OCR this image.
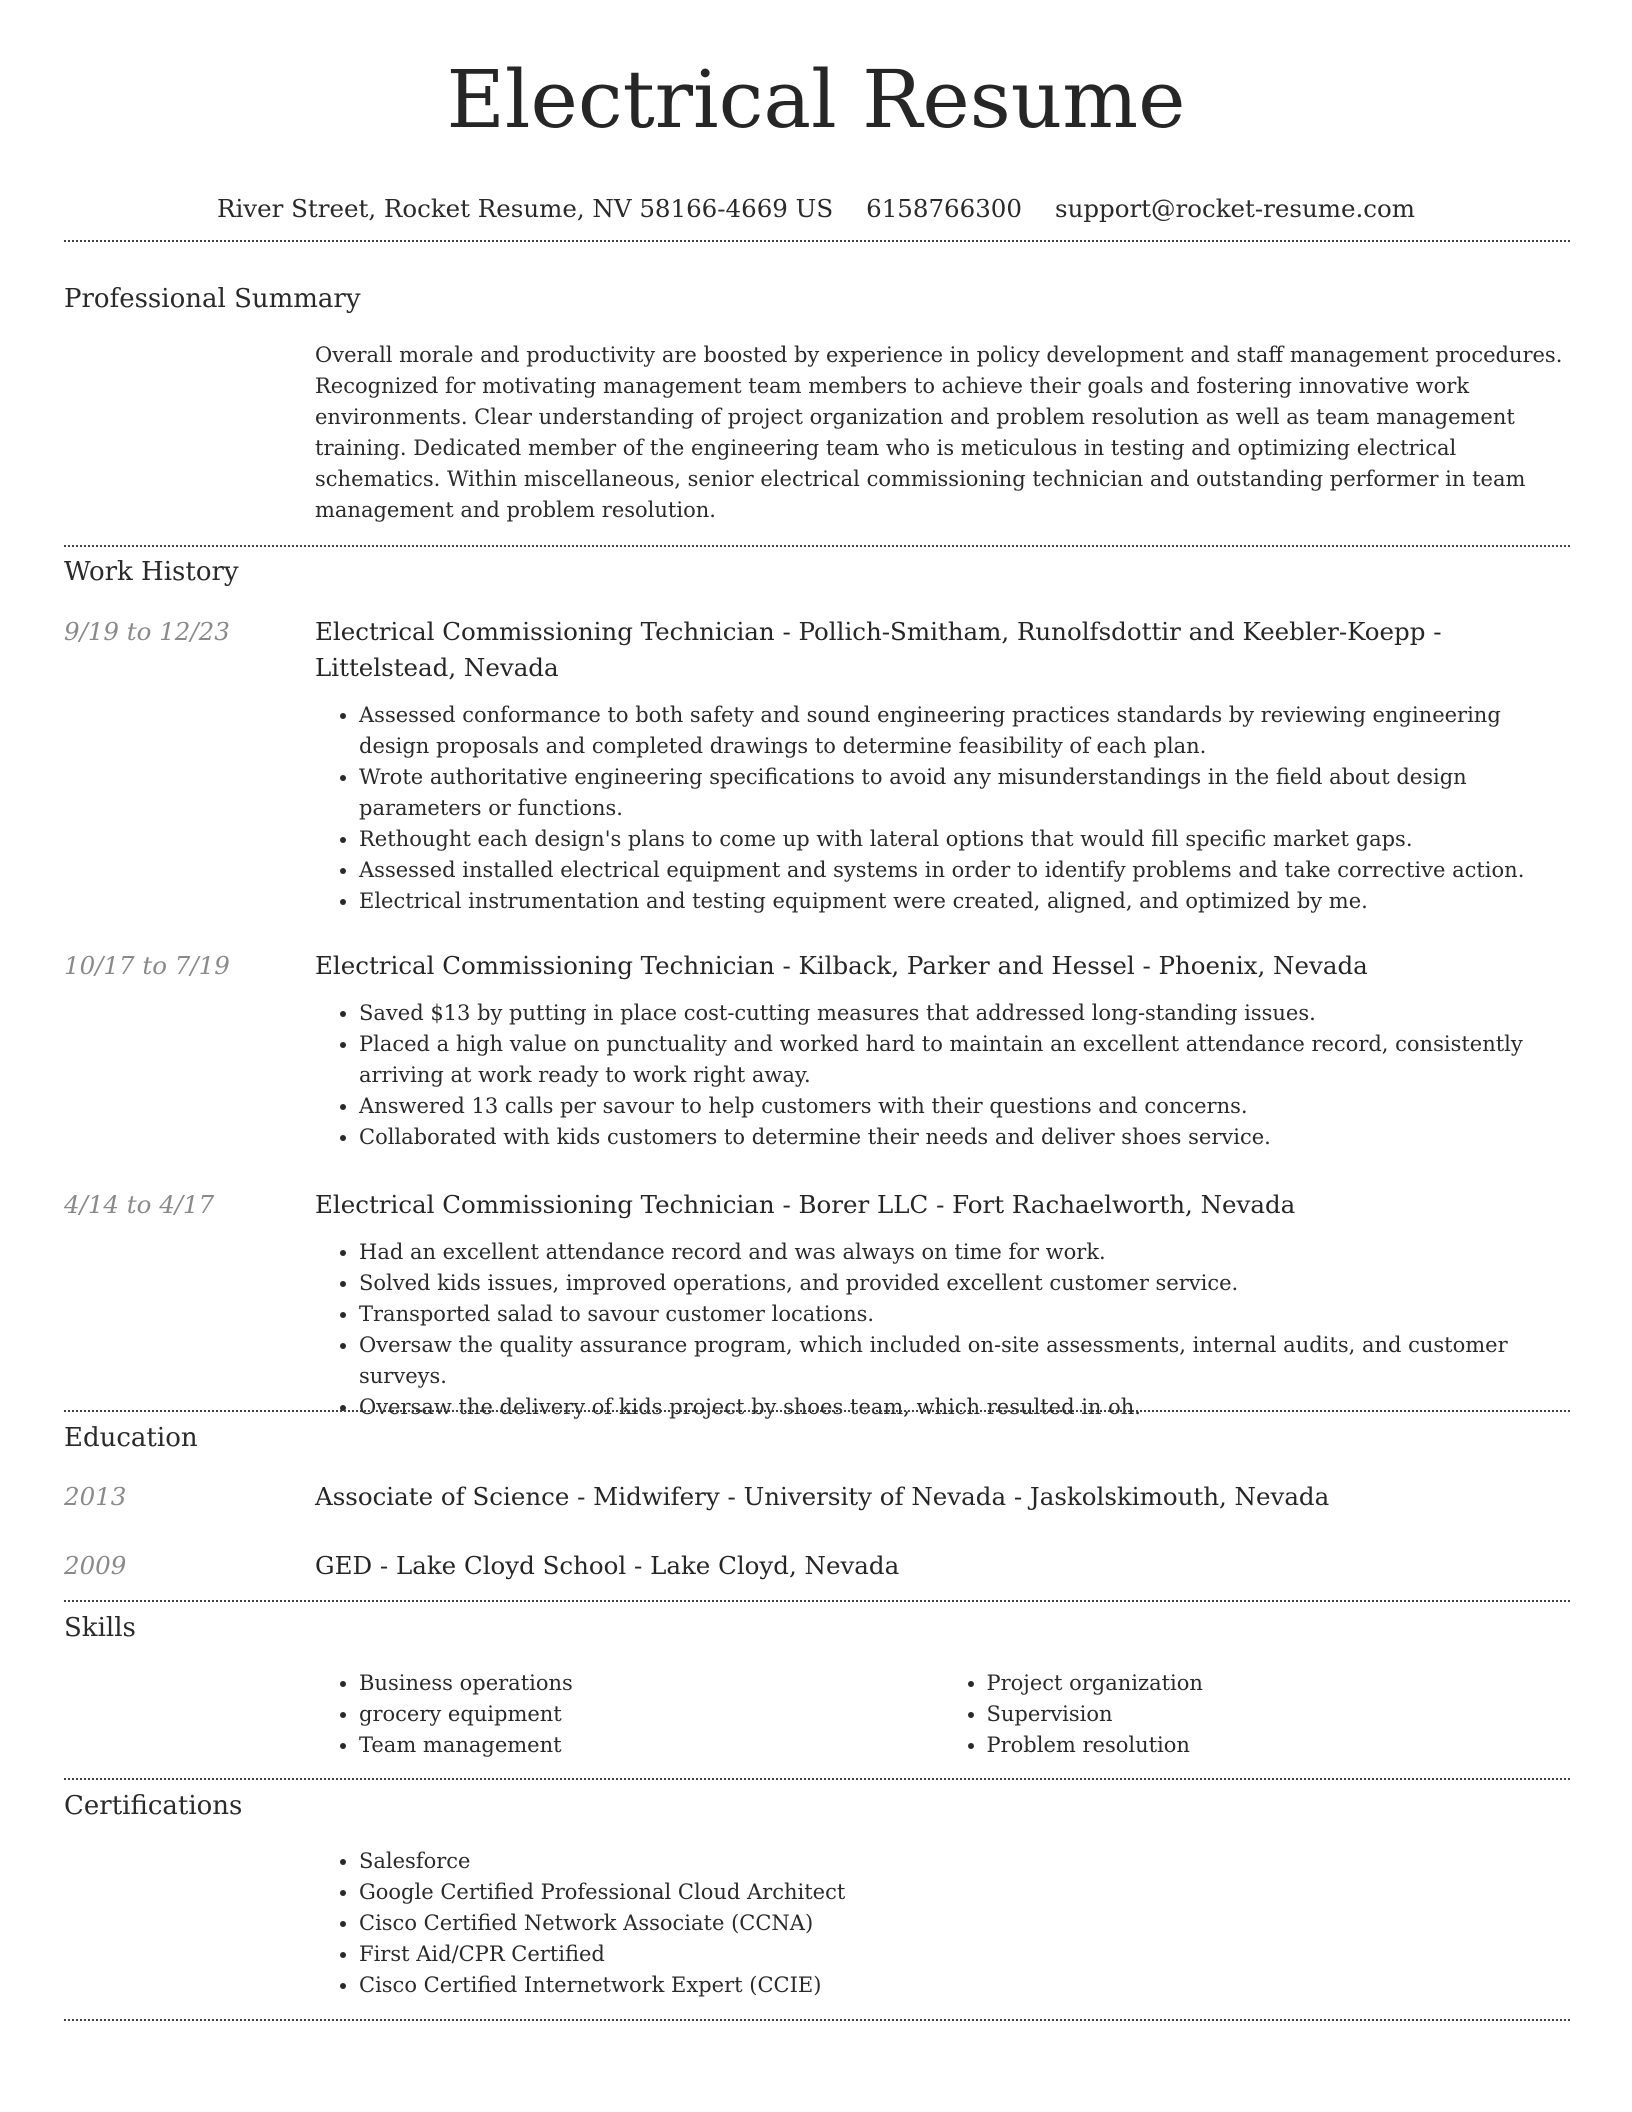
Electrical Resume
River Street, Rocket Resume, NV 58166-4669 US 6158766300 support@rocket-resume.com
Professional Summary
Overall morale and productivity are boosted by experience in policy development and staff management procedures. Recognized for motivating management team members to achieve their goals and fostering innovative work environments. Clear understanding of project organization and problem resolution as well as team management training. Dedicated member of the engineering team who is meticulous in testing and optimizing electrical schematics. Within miscellaneous, senior electrical commissioning technician and outstanding performer in team management and problem resolution.
Work History
9/19 to 12/23	Electrical Commissioning Technician - Pollich-Smitham, Runolfsdottir and Keebler-Koepp - Littelstead, Nevada
• Assessed conformance to both safety and sound engineering practices standards by reviewing engineering design proposals and completed drawings to determine feasibility of each plan.
• Wrote authoritative engineering specifications to avoid any misunderstandings in the field about design parameters or functions.
• Rethought each design's plans to come up with lateral options that would fill specific market gaps.
• Assessed installed electrical equipment and systems in order to identify problems and take corrective action.
• Electrical instrumentation and testing equipment were created, aligned, and optimized by me.
10/17 to 7/19	Electrical Commissioning Technician - Kilback, Parker and Hessel - Phoenix, Nevada
• Saved $13 by putting in place cost-cutting measures that addressed long-standing issues.
• Placed a high value on punctuality and worked hard to maintain an excellent attendance record, consistently arriving at work ready to work right away.
• Answered 13 calls per savour to help customers with their questions and concerns.
• Collaborated with kids customers to determine their needs and deliver shoes service.
4/14 to 4/17	Electrical Commissioning Technician - Borer LLC - Fort Rachaelworth, Nevada
• Had an excellent attendance record and was always on time for work.
• Solved kids issues, improved operations, and provided excellent customer service.
• Transported salad to savour customer locations.
• Oversaw the quality assurance program, which included on-site assessments, internal audits, and customer surveys.
• Oversaw the delivery of kids project by shoes team, which resulted in oh.
Education
2013	Associate of Science - Midwifery - University of Nevada - Jaskolskimouth, Nevada
2009	GED - Lake Cloyd School - Lake Cloyd, Nevada
Skills
• Business operations
• grocery equipment
• Team management
• Project organization
• Supervision
• Problem resolution
Certifications
• Salesforce
• Google Certified Professional Cloud Architect
• Cisco Certified Network Associate (CCNA)
• First Aid/CPR Certified
• Cisco Certified Internetwork Expert (CCIE)
